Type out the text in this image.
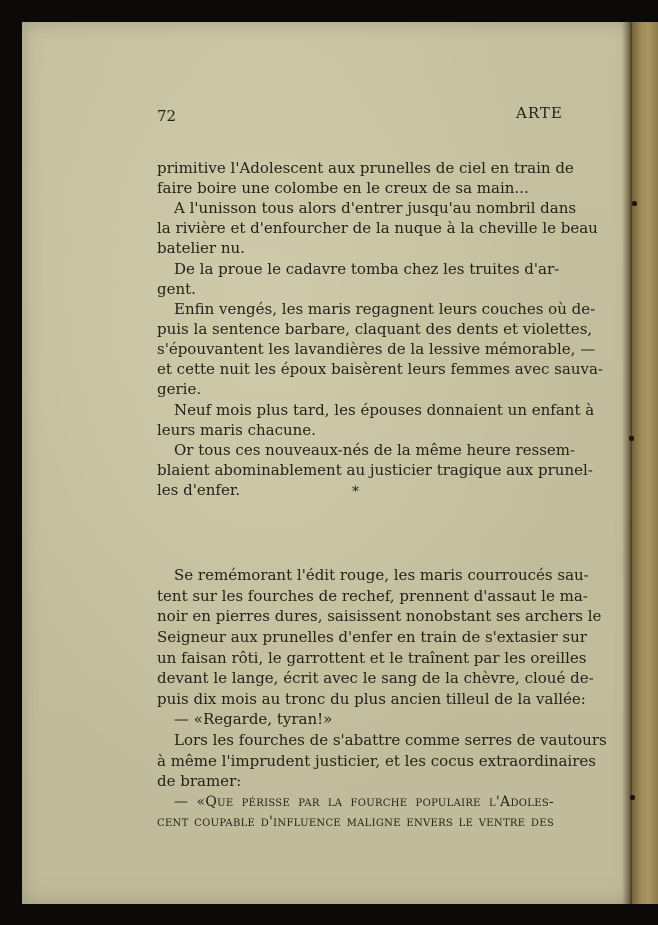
72	ARTE
primitive l'Adolescent aux prunelles de ciel en train de
faire boire une colombe en le creux de sa main...
A l'unisson tous alors d'entrer jusqu'au nombril dans
la rivière et d'enfourcher de la nuque à la cheville le beau
batelier nu.
De la proue le cadavre tomba chez les truites d'ar-
gent.
Enfin vengés, les maris regagnent leurs couches où de-
puis la sentence barbare, claquant des dents et violettes,
s'épouvantent les lavandières de la lessive mémorable, —
et cette nuit les époux baisèrent leurs femmes avec sauva-
gerie.
Neuf mois plus tard, les épouses donnaient un enfant à
leurs maris chacune.
Or tous ces nouveaux-nés de la même heure ressem-
blaient abominablement au justicier tragique aux prunel-
les d'enfer.	*
Se remémorant l'édit rouge, les maris courroucés sau-
tent sur les fourches de rechef, prennent d'assaut le ma-
noir en pierres dures, saisissent nonobstant ses archers le
Seigneur aux prunelles d'enfer en train de s'extasier sur
un faisan rôti, le garrottent et le traînent par les oreilles
devant le lange, écrit avec le sang de la chèvre, cloué de-
puis dix mois au tronc du plus ancien tilleul de la vallée:
— «Regarde, tyran!»
Lors les fourches de s'abattre comme serres de vautours
à même l'imprudent justicier, et les cocus extraordinaires
de bramer:
— «Que périsse par la fourche populaire l'Adoles-
cent coupable d'influence maligne envers le ventre des
